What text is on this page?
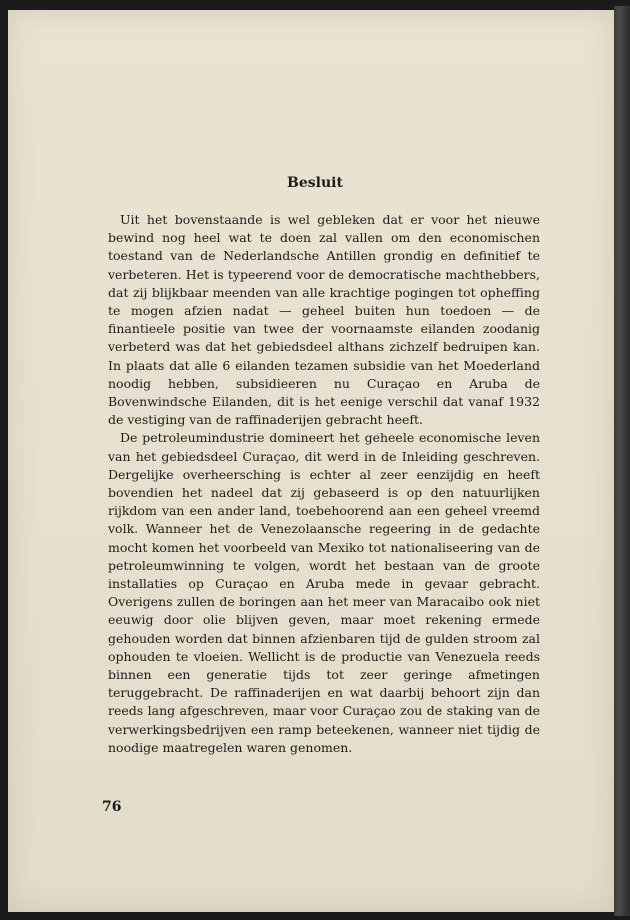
Besluit

Uit het bovenstaande is wel gebleken dat er voor het nieuwe bewind nog heel wat te doen zal vallen om den economischen toestand van de Nederlandsche Antillen grondig en definitief te verbeteren. Het is typeerend voor de democratische machthebbers, dat zij blijkbaar meenden van alle krachtige pogingen tot opheffing te mogen afzien nadat — geheel buiten hun toedoen — de finantieele positie van twee der voornaamste eilanden zoodanig verbeterd was dat het gebiedsdeel althans zichzelf bedruipen kan. In plaats dat alle 6 eilanden tezamen subsidie van het Moederland noodig hebben, subsidieeren nu Curaçao en Aruba de Bovenwindsche Eilanden, dit is het eenige verschil dat vanaf 1932 de vestiging van de raffinaderijen gebracht heeft.

De petroleumindustrie domineert het geheele economische leven van het gebiedsdeel Curaçao, dit werd in de Inleiding geschreven. Dergelijke overheersching is echter al zeer eenzijdig en heeft bovendien het nadeel dat zij gebaseerd is op den natuurlijken rijkdom van een ander land, toebehoorend aan een geheel vreemd volk. Wanneer het de Venezolaansche regeering in de gedachte mocht komen het voorbeeld van Mexiko tot nationaliseering van de petroleumwinning te volgen, wordt het bestaan van de groote installaties op Curaçao en Aruba mede in gevaar gebracht. Overigens zullen de boringen aan het meer van Maracaibo ook niet eeuwig door olie blijven geven, maar moet rekening ermede gehouden worden dat binnen afzienbaren tijd de gulden stroom zal ophouden te vloeien. Wellicht is de productie van Venezuela reeds binnen een generatie tijds tot zeer geringe afmetingen teruggebracht. De raffinaderijen en wat daarbij behoort zijn dan reeds lang afgeschreven, maar voor Curaçao zou de staking van de verwerkingsbedrijven een ramp beteekenen, wanneer niet tijdig de noodige maatregelen waren genomen.

76
